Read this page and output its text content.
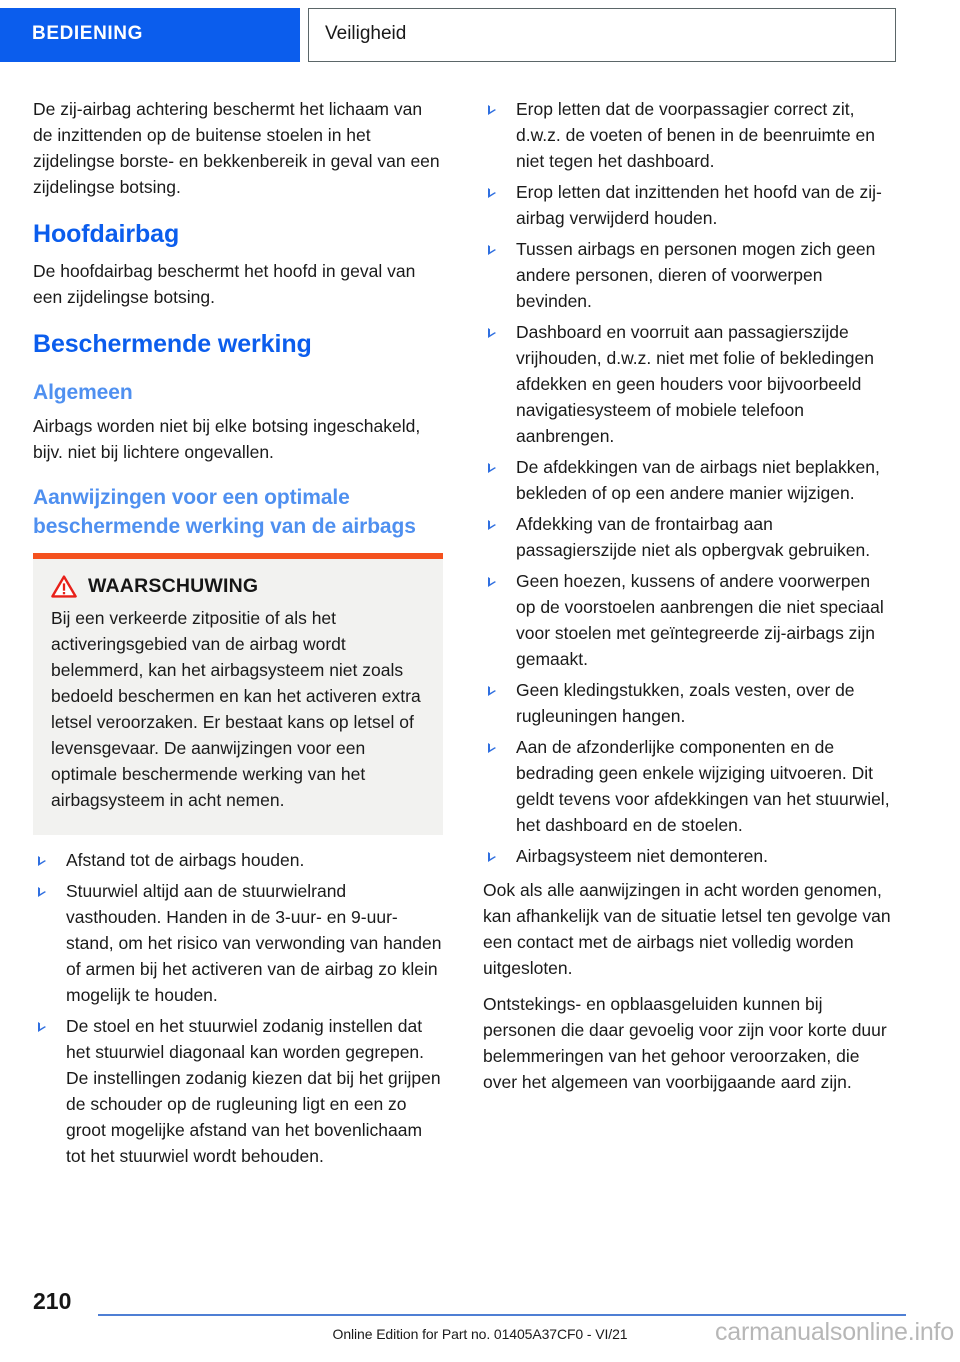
BEDIENING	Veiligheid

De zij-airbag achtering beschermt het lichaam van de inzittenden op de buitense stoelen in het zijdelingse borste- en bekkenbereik in geval van een zijdelingse botsing.

Hoofdairbag

De hoofdairbag beschermt het hoofd in geval van een zijdelingse botsing.

Beschermende werking
Algemeen

Airbags worden niet bij elke botsing ingeschakeld, bijv. niet bij lichtere ongevallen.

Aanwijzingen voor een optimale beschermende werking van de airbags
WAARSCHUWING

Bij een verkeerde zitpositie of als het activeringsgebied van de airbag wordt belemmerd, kan het airbagsysteem niet zoals bedoeld beschermen en kan het activeren extra letsel veroorzaken. Er bestaat kans op letsel of levensgevaar. De aanwijzingen voor een optimale beschermende werking van het airbagsysteem in acht nemen.

Afstand tot de airbags houden.
Stuurwiel altijd aan de stuurwielrand vasthouden. Handen in de 3-uur- en 9-uur-stand, om het risico van verwonding van handen of armen bij het activeren van de airbag zo klein mogelijk te houden.
De stoel en het stuurwiel zodanig instellen dat het stuurwiel diagonaal kan worden gegrepen. De instellingen zodanig kiezen dat bij het grijpen de schouder op de rugleuning ligt en een zo groot mogelijke afstand van het bovenlichaam tot het stuurwiel wordt behouden.
Erop letten dat de voorpassagier correct zit, d.w.z. de voeten of benen in de beenruimte en niet tegen het dashboard.
Erop letten dat inzittenden het hoofd van de zij-airbag verwijderd houden.
Tussen airbags en personen mogen zich geen andere personen, dieren of voorwerpen bevinden.
Dashboard en voorruit aan passagierszijde vrijhouden, d.w.z. niet met folie of bekledingen afdekken en geen houders voor bijvoorbeeld navigatiesysteem of mobiele telefoon aanbrengen.
De afdekkingen van de airbags niet beplakken, bekleden of op een andere manier wijzigen.
Afdekking van de frontairbag aan passagierszijde niet als opbergvak gebruiken.
Geen hoezen, kussens of andere voorwerpen op de voorstoelen aanbrengen die niet speciaal voor stoelen met geïntegreerde zij-airbags zijn gemaakt.
Geen kledingstukken, zoals vesten, over de rugleuningen hangen.
Aan de afzonderlijke componenten en de bedrading geen enkele wijziging uitvoeren. Dit geldt tevens voor afdekkingen van het stuurwiel, het dashboard en de stoelen.
Airbagsysteem niet demonteren.

Ook als alle aanwijzingen in acht worden genomen, kan afhankelijk van de situatie letsel ten gevolge van een contact met de airbags niet volledig worden uitgesloten.

Ontstekings- en opblaasgeluiden kunnen bij personen die daar gevoelig voor zijn voor korte duur belemmeringen van het gehoor veroorzaken, die over het algemeen van voorbijgaande aard zijn.

210
Online Edition for Part no. 01405A37CF0 - VI/21	carmanualsonline.info
